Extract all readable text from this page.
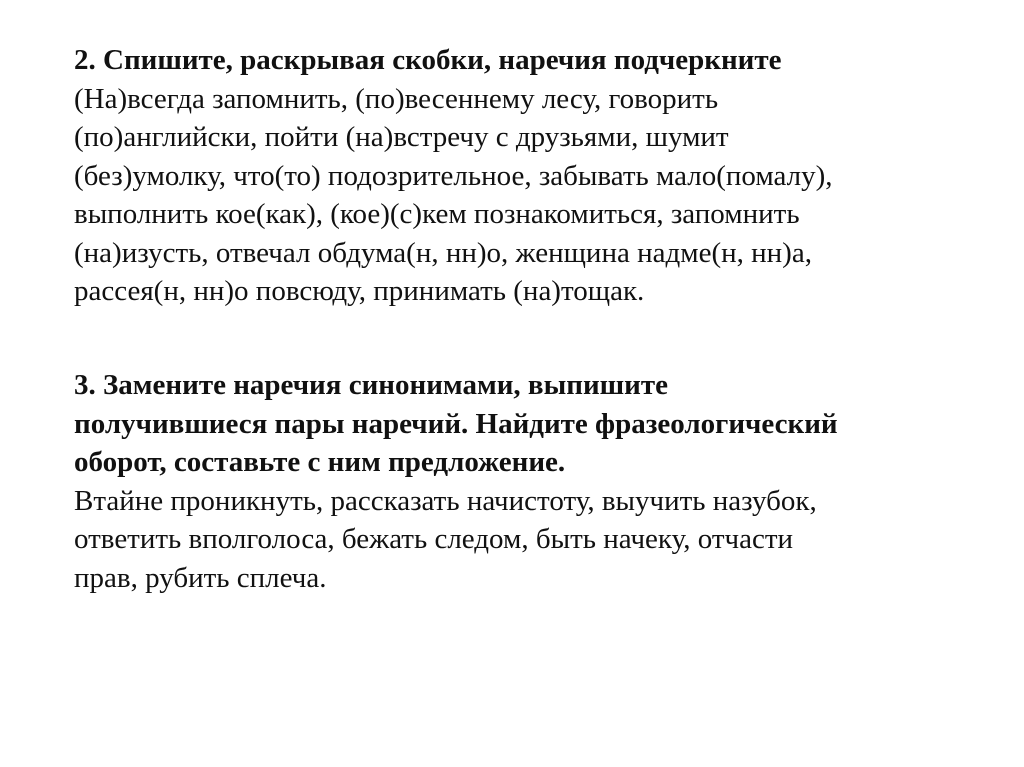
2. Спишите, раскрывая скобки, наречия подчеркните
(На)всегда запомнить, (по)весеннему лесу, говорить
(по)английски, пойти (на)встречу с друзьями, шумит
(без)умолку, что(то) подозрительное, забывать мало(помалу),
выполнить кое(как), (кое)(с)кем познакомиться, запомнить
(на)изусть, отвечал обдума(н, нн)о, женщина надме(н, нн)а,
рассея(н, нн)о повсюду, принимать (на)тощак.
3. Замените наречия синонимами, выпишите
получившиеся пары наречий. Найдите фразеологический
оборот, составьте с ним предложение.
Втайне проникнуть, рассказать начистоту, выучить назубок,
ответить вполголоса, бежать следом, быть начеку, отчасти
прав, рубить сплеча.
